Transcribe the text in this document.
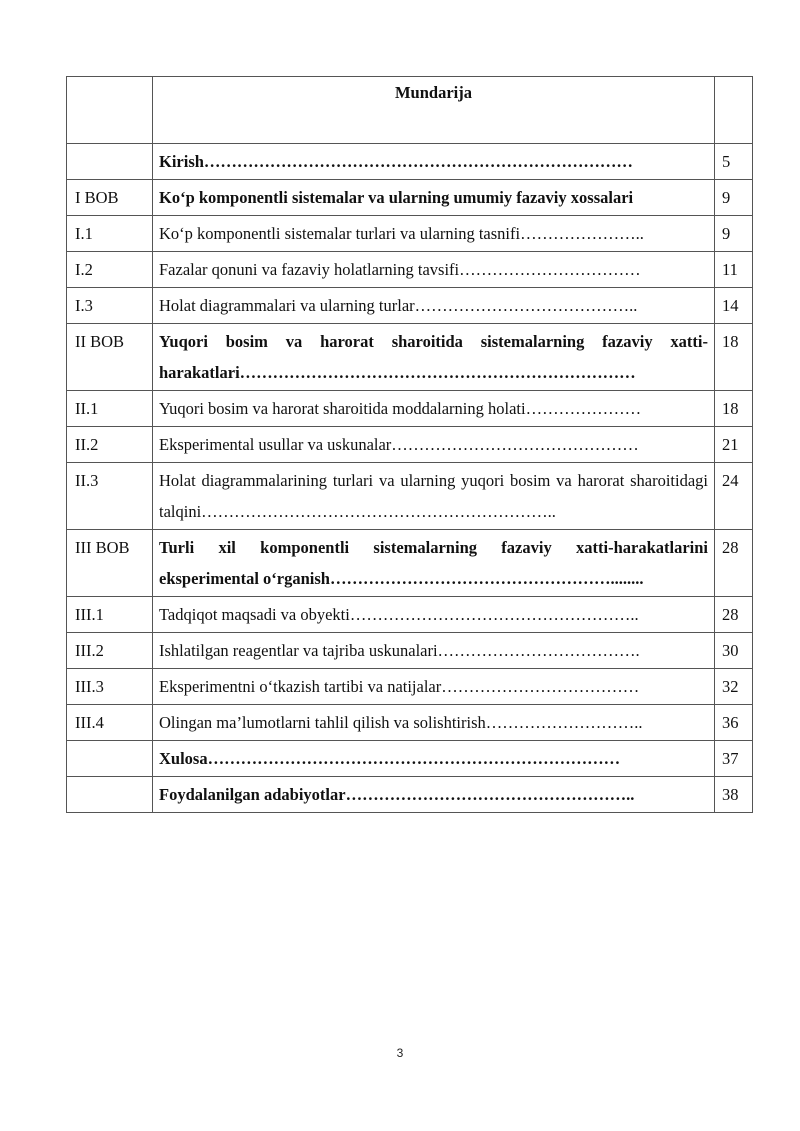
	Mundarija	
	Kirish……………………………………………………………………	5
I BOB	Ko‘p komponentli sistemalar va ularning umumiy fazaviy xossalari	9
I.1	Ko‘p komponentli sistemalar turlari va ularning tasnifi…………………..	9
I.2	Fazalar qonuni va fazaviy holatlarning tavsifi……………………………	11
I.3	Holat diagrammalari va ularning turlar…………………………………..	14
II BOB	Yuqori bosim va harorat sharoitida sistemalarning fazaviy xatti-harakatlari………………………………………………………………	18
II.1	Yuqori bosim va harorat sharoitida moddalarning holati…………………	18
II.2	Eksperimental usullar va uskunalar………………………………………	21
II.3	Holat diagrammalarining turlari va ularning yuqori bosim va harorat sharoitidagi talqini………………………………………………………..	24
III BOB	Turli xil komponentli sistemalarning fazaviy xatti-harakatlarini eksperimental o‘rganish……………………………………………........	28
III.1	Tadqiqot maqsadi va obyekti……………………………………………..	28
III.2	Ishlatilgan reagentlar va tajriba uskunalari……………………………….	30
III.3	Eksperimentni o‘tkazish tartibi va natijalar………………………………	32
III.4	Olingan ma’lumotlarni tahlil qilish va solishtirish………………………..	36
	Xulosa…………………………………………………………………	37
	Foydalanilgan adabiyotlar……………………………………………..	38
3
